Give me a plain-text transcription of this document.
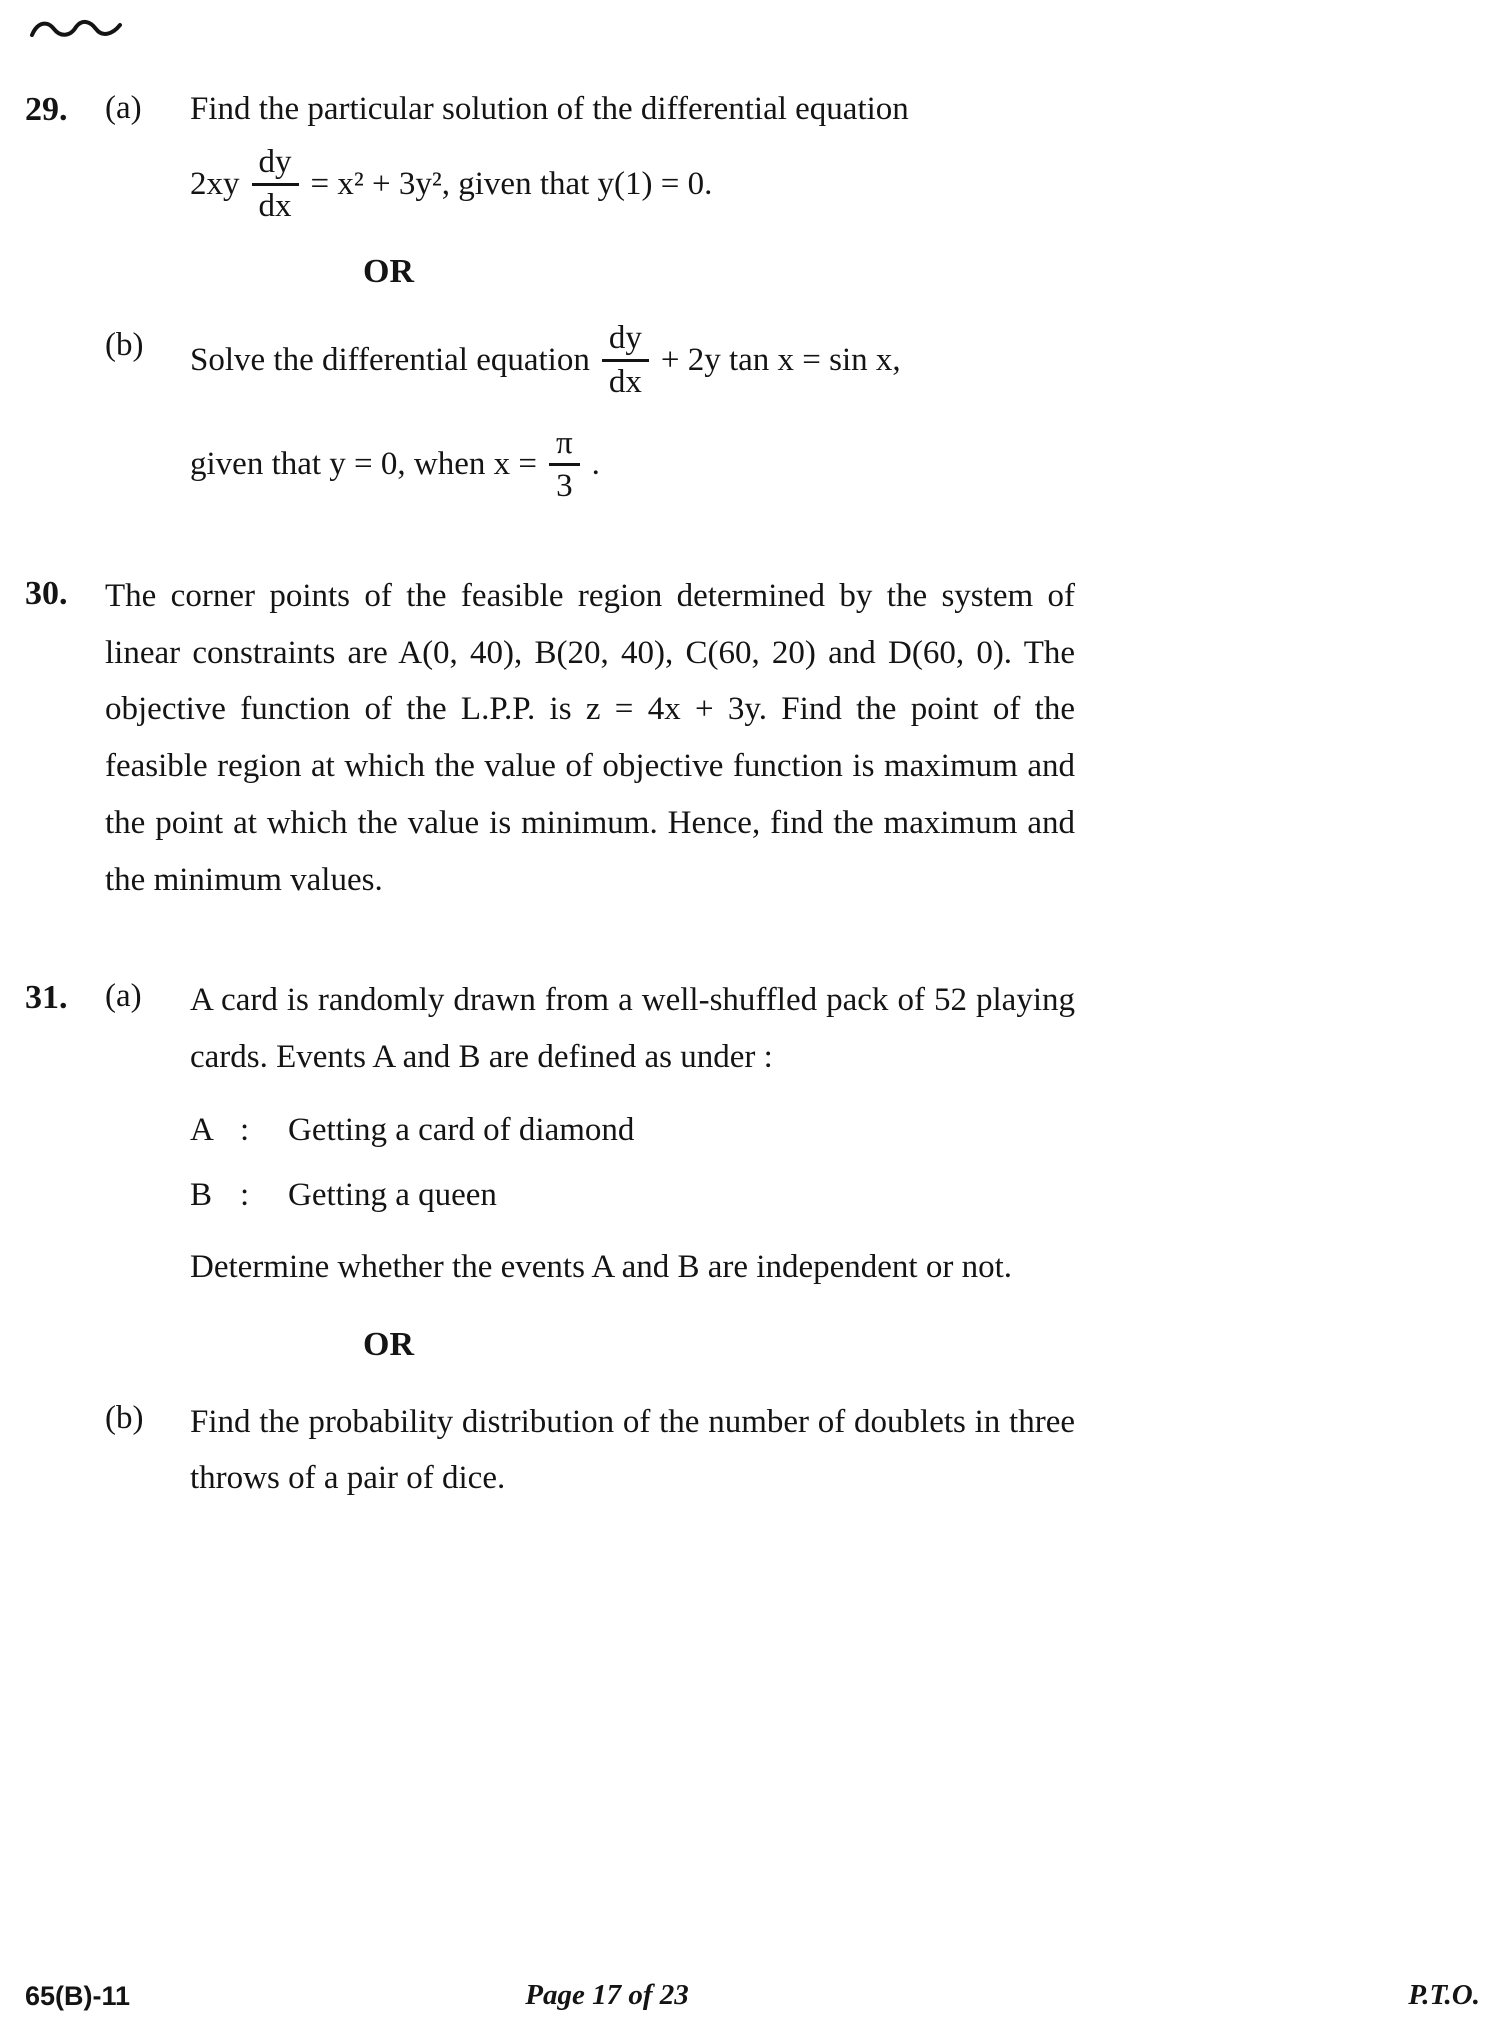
29.	(a)	Find the particular solution of the differential equation

$2xy \frac{dy}{dx} = x^2 + 3y^2$, given that y(1) = 0.

OR
(b)	Solve the differential equation $\frac{dy}{dx} + 2y$ tan x = sin x,

given that y = 0, when $x = \frac{\pi}{3}$ .

30.	The corner points of the feasible region determined by the system of linear constraints are A(0, 40), B(20, 40), C(60, 20) and D(60, 0). The objective function of the L.P.P. is z = 4x + 3y. Find the point of the feasible region at which the value of objective function is maximum and the point at which the value is minimum. Hence, find the maximum and the minimum values.

31.	(a)	A card is randomly drawn from a well-shuffled pack of 52 playing cards. Events A and B are defined as under :

A :	Getting a card of diamond
B :	Getting a queen

Determine whether the events A and B are independent or not.

OR
(b)	Find the probability distribution of the number of doublets in three throws of a pair of dice.

65(B)-11	Page 17 of 23	P.T.O.
